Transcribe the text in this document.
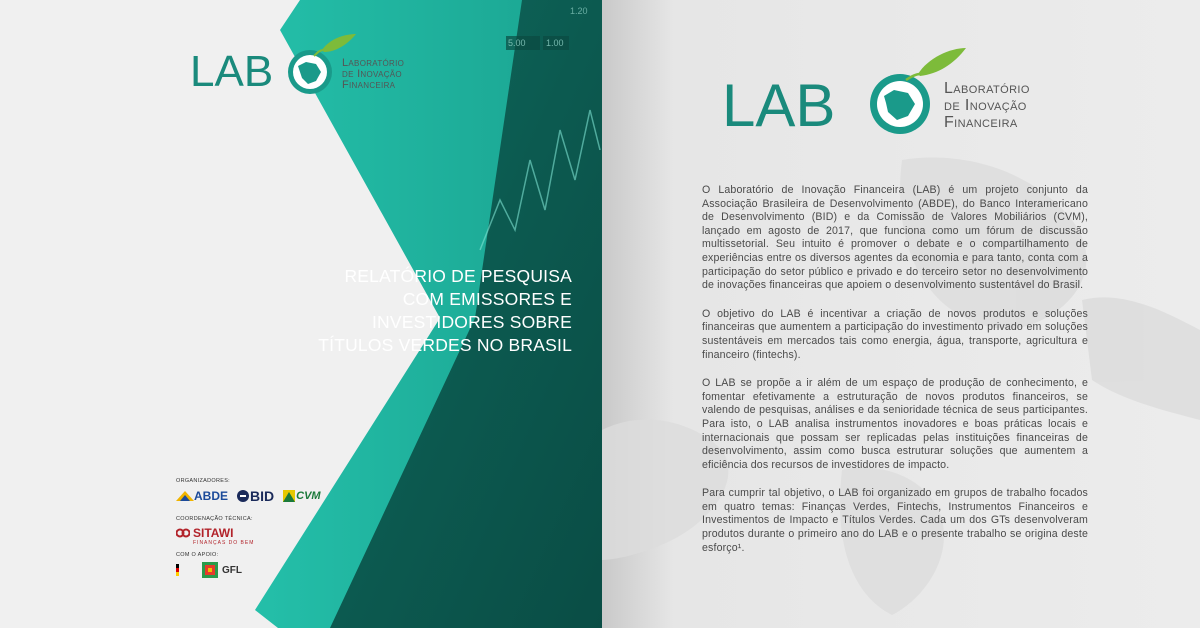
5.00 1.00
1.20
LAB	Laboratório
de Inovação
Financeira
RELATÓRIO DE PESQUISA
COM EMISSORES E
INVESTIDORES SOBRE
TÍTULOS VERDES NO BRASIL
ORGANIZADORES:
ABDE BID CVM
COORDENAÇÃO TÉCNICA:
SITAWI
FINANÇAS DO BEM
COM O APOIO:
GFL
LAB	Laboratório
de Inovação
Financeira

O Laboratório de Inovação Financeira (LAB) é um projeto conjunto da Associação Brasileira de Desenvolvimento (ABDE), do Banco Interamericano de Desenvolvimento (BID) e da Comissão de Valores Mobiliários (CVM), lançado em agosto de 2017, que funciona como um fórum de discussão multissetorial. Seu intuito é promover o debate e o compartilhamento de experiências entre os diversos agentes da economia e para tanto, conta com a participação do setor público e privado e do terceiro setor no desenvolvimento de inovações financeiras que apoiem o desenvolvimento sustentável do Brasil.

O objetivo do LAB é incentivar a criação de novos produtos e soluções financeiras que aumentem a participação do investimento privado em soluções sustentáveis em mercados tais como energia, água, transporte, agricultura e financeiro (fintechs).

O LAB se propõe a ir além de um espaço de produção de conhecimento, e fomentar efetivamente a estruturação de novos produtos financeiros, se valendo de pesquisas, análises e da senioridade técnica de seus participantes. Para isto, o LAB analisa instrumentos inovadores e boas práticas locais e internacionais que possam ser replicadas pelas instituições financeiras de desenvolvimento, assim como busca estruturar soluções que aumentem a eficiência dos recursos de investidores de impacto.

Para cumprir tal objetivo, o LAB foi organizado em grupos de trabalho focados em quatro temas: Finanças Verdes, Fintechs, Instrumentos Financeiros e Investimentos de Impacto e Títulos Verdes. Cada um dos GTs desenvolveram produtos durante o primeiro ano do LAB e o presente trabalho se origina deste esforço¹.
